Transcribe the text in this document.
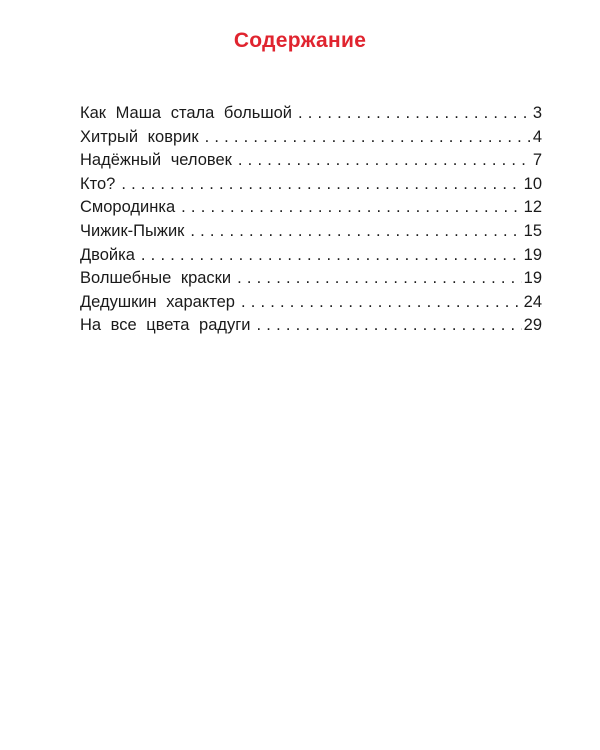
Содержание
Как Маша стала большой . . .	3
Хитрый коврик . . .	4
Надёжный человек . . .	7
Кто? . . .	10
Смородинка . . .	12
Чижик-Пыжик . . .	15
Двойка . . .	19
Волшебные краски . . .	19
Дедушкин характер . . .	24
На все цвета радуги . . .	29
